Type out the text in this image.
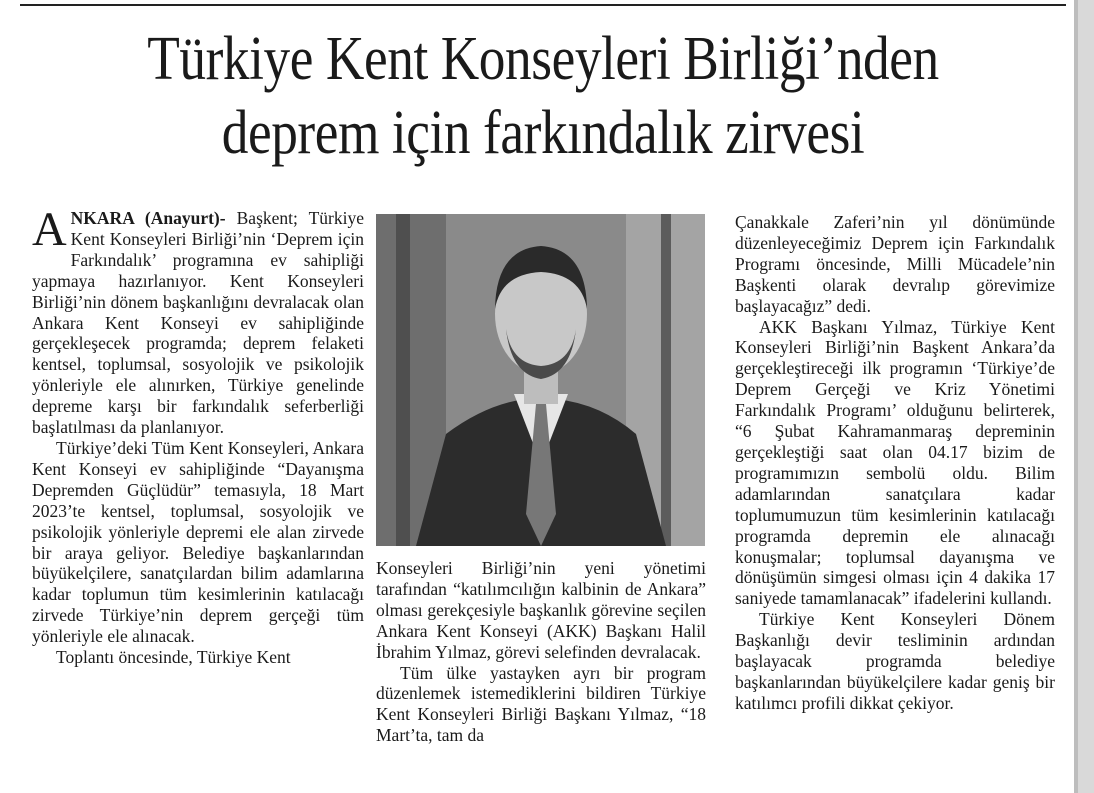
Türkiye Kent Konseyleri Birliği’nden
deprem için farkındalık zirvesi

ANKARA (Anayurt)- Başkent; Türkiye Kent Konseyleri Birliği’nin ‘Deprem için Farkındalık’ programına ev sahipliği yapmaya hazırlanıyor. Kent Konseyleri Birliği’nin dönem başkanlığını devralacak olan Ankara Kent Konseyi ev sahipliğinde gerçekleşecek programda; deprem felaketi kentsel, toplumsal, sosyolojik ve psikolojik yönleriyle ele alınırken, Türkiye genelinde depreme karşı bir farkındalık seferberliği başlatılması da planlanıyor.

Türkiye’deki Tüm Kent Konseyleri, Ankara Kent Konseyi ev sahipliğinde “Dayanışma Depremden Güçlüdür” temasıyla, 18 Mart 2023’te kentsel, toplumsal, sosyolojik ve psikolojik yönleriyle depremi ele alan zirvede bir araya geliyor. Belediye başkanlarından büyükelçilere, sanatçılardan bilim adamlarına kadar toplumun tüm kesimlerinin katılacağı zirvede Türkiye’nin deprem gerçeği tüm yönleriyle ele alınacak.

Toplantı öncesinde, Türkiye Kent

Konseyleri Birliği’nin yeni yönetimi tarafından “katılımcılığın kalbinin de Ankara” olması gerekçesiyle başkanlık görevine seçilen Ankara Kent Konseyi (AKK) Başkanı Halil İbrahim Yılmaz, görevi selefinden devralacak.

Tüm ülke yastayken ayrı bir program düzenlemek istemediklerini bildiren Türkiye Kent Konseyleri Birliği Başkanı Yılmaz, “18 Mart’ta, tam da

Çanakkale Zaferi’nin yıl dönümünde düzenleyeceğimiz Deprem için Farkındalık Programı öncesinde, Milli Mücadele’nin Başkenti olarak devralıp görevimize başlayacağız” dedi.

AKK Başkanı Yılmaz, Türkiye Kent Konseyleri Birliği’nin Başkent Ankara’da gerçekleştireceği ilk programın ‘Türkiye’de Deprem Gerçeği ve Kriz Yönetimi Farkındalık Programı’ olduğunu belirterek, “6 Şubat Kahramanmaraş depreminin gerçekleştiği saat olan 04.17 bizim de programımızın sembolü oldu. Bilim adamlarından sanatçılara kadar toplumumuzun tüm kesimlerinin katılacağı programda depremin ele alınacağı konuşmalar; toplumsal dayanışma ve dönüşümün simgesi olması için 4 dakika 17 saniyede tamamlanacak” ifadelerini kullandı.

Türkiye Kent Konseyleri Dönem Başkanlığı devir tesliminin ardından başlayacak programda belediye başkanlarından büyükelçilere kadar geniş bir katılımcı profili dikkat çekiyor.
